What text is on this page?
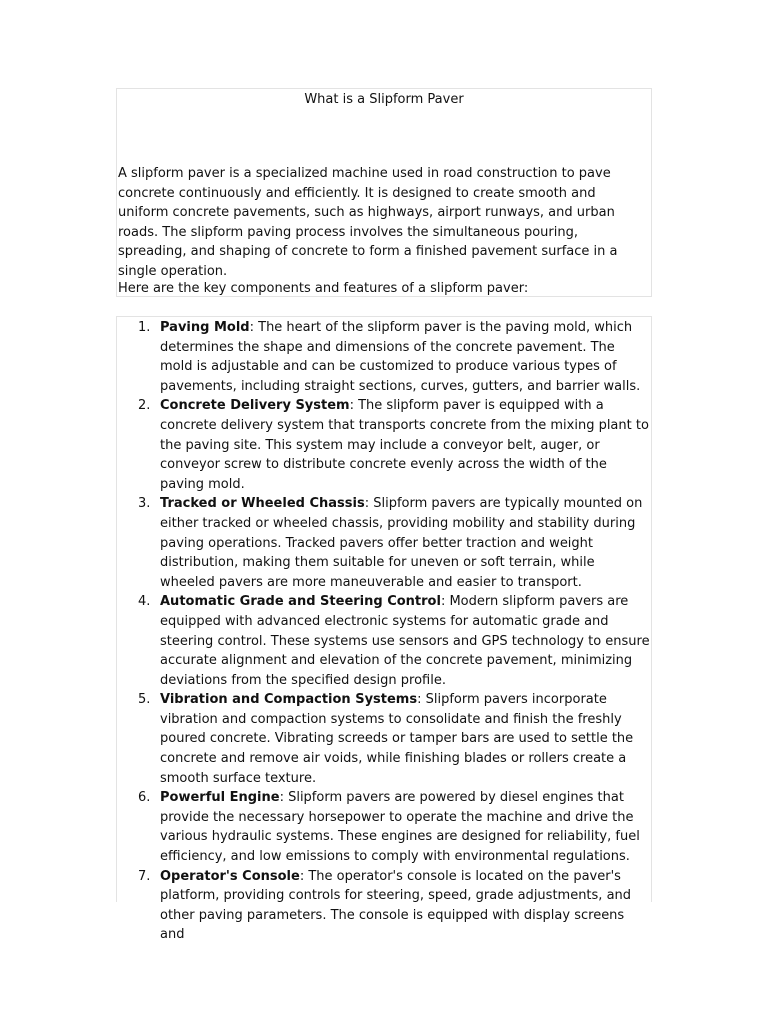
What is a Slipform Paver

A slipform paver is a specialized machine used in road construction to pave concrete continuously and efficiently. It is designed to create smooth and uniform concrete pavements, such as highways, airport runways, and urban roads. The slipform paving process involves the simultaneous pouring, spreading, and shaping of concrete to form a finished pavement surface in a single operation.

Here are the key components and features of a slipform paver:

1. Paving Mold: The heart of the slipform paver is the paving mold, which determines the shape and dimensions of the concrete pavement. The mold is adjustable and can be customized to produce various types of pavements, including straight sections, curves, gutters, and barrier walls.
2. Concrete Delivery System: The slipform paver is equipped with a concrete delivery system that transports concrete from the mixing plant to the paving site. This system may include a conveyor belt, auger, or conveyor screw to distribute concrete evenly across the width of the paving mold.
3. Tracked or Wheeled Chassis: Slipform pavers are typically mounted on either tracked or wheeled chassis, providing mobility and stability during paving operations. Tracked pavers offer better traction and weight distribution, making them suitable for uneven or soft terrain, while wheeled pavers are more maneuverable and easier to transport.
4. Automatic Grade and Steering Control: Modern slipform pavers are equipped with advanced electronic systems for automatic grade and steering control. These systems use sensors and GPS technology to ensure accurate alignment and elevation of the concrete pavement, minimizing deviations from the specified design profile.
5. Vibration and Compaction Systems: Slipform pavers incorporate vibration and compaction systems to consolidate and finish the freshly poured concrete. Vibrating screeds or tamper bars are used to settle the concrete and remove air voids, while finishing blades or rollers create a smooth surface texture.
6. Powerful Engine: Slipform pavers are powered by diesel engines that provide the necessary horsepower to operate the machine and drive the various hydraulic systems. These engines are designed for reliability, fuel efficiency, and low emissions to comply with environmental regulations.
7. Operator's Console: The operator's console is located on the paver's platform, providing controls for steering, speed, grade adjustments, and other paving parameters. The console is equipped with display screens and
